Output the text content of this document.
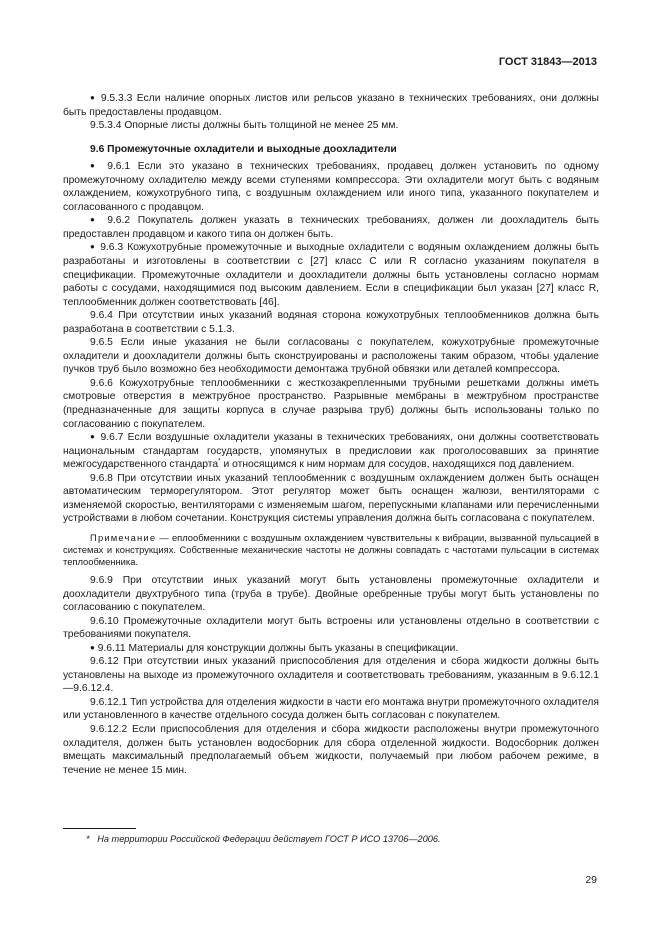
ГОСТ 31843—2013

● 9.5.3.3 Если наличие опорных листов или рельсов указано в технических требованиях, они должны быть предоставлены продавцом.

9.5.3.4 Опорные листы должны быть толщиной не менее 25 мм.

9.6 Промежуточные охладители и выходные доохладители

● 9.6.1 Если это указано в технических требованиях, продавец должен установить по одному промежуточному охладителю между всеми ступенями компрессора. Эти охладители могут быть с водяным охлаждением, кожухотрубного типа, с воздушным охлаждением или иного типа, указанного покупателем и согласованного с продавцом.

● 9.6.2 Покупатель должен указать в технических требованиях, должен ли доохладитель быть предоставлен продавцом и какого типа он должен быть.

● 9.6.3 Кожухотрубные промежуточные и выходные охладители с водяным охлаждением должны быть разработаны и изготовлены в соответствии с [27] класс C или R согласно указаниям покупателя в спецификации. Промежуточные охладители и доохладители должны быть установлены согласно нормам работы с сосудами, находящимися под высоким давлением. Если в спецификации был указан [27] класс R, теплообменник должен соответствовать [46].

9.6.4 При отсутствии иных указаний водяная сторона кожухотрубных теплообменников должна быть разработана в соответствии с 5.1.3.

9.6.5 Если иные указания не были согласованы с покупателем, кожухотрубные промежуточные охладители и доохладители должны быть сконструированы и расположены таким образом, чтобы удаление пучков труб было возможно без необходимости демонтажа трубной обвязки или деталей компрессора.

9.6.6 Кожухотрубные теплообменники с жесткозакрепленными трубными решетками должны иметь смотровые отверстия в межтрубное пространство. Разрывные мембраны в межтрубном пространстве (предназначенные для защиты корпуса в случае разрыва труб) должны быть использованы только по согласованию с покупателем.

● 9.6.7 Если воздушные охладители указаны в технических требованиях, они должны соответствовать национальным стандартам государств, упомянутых в предисловии как проголосовавших за принятие межгосударственного стандарта* и относящимся к ним нормам для сосудов, находящихся под давлением.

9.6.8 При отсутствии иных указаний теплообменник с воздушным охлаждением должен быть оснащен автоматическим терморегулятором. Этот регулятор может быть оснащен жалюзи, вентиляторами с изменяемой скоростью, вентиляторами с изменяемым шагом, перепускными клапанами или перечисленными устройствами в любом сочетании. Конструкция системы управления должна быть согласована с покупателем.

Примечание — еплообменники с воздушным охлаждением чувствительны к вибрации, вызванной пульсацией в системах и конструкциях. Собственные механические частоты не должны совпадать с частотами пульсации в системах теплообменника.

9.6.9 При отсутствии иных указаний могут быть установлены промежуточные охладители и доохладители двухтрубного типа (труба в трубе). Двойные оребренные трубы могут быть установлены по согласованию с покупателем.

9.6.10 Промежуточные охладители могут быть встроены или установлены отдельно в соответствии с требованиями покупателя.

● 9.6.11 Материалы для конструкции должны быть указаны в спецификации.

9.6.12 При отсутствии иных указаний приспособления для отделения и сбора жидкости должны быть установлены на выходе из промежуточного охладителя и соответствовать требованиям, указанным в 9.6.12.1—9.6.12.4.

9.6.12.1 Тип устройства для отделения жидкости в части его монтажа внутри промежуточного охладителя или установленного в качестве отдельного сосуда должен быть согласован с покупателем.

9.6.12.2 Если приспособления для отделения и сбора жидкости расположены внутри промежуточного охладителя, должен быть установлен водосборник для сбора отделенной жидкости. Водосборник должен вмещать максимальный предполагаемый объем жидкости, получаемый при любом рабочем режиме, в течение не менее 15 мин.

* На территории Российской Федерации действует ГОСТ Р ИСО 13706—2006.
29
